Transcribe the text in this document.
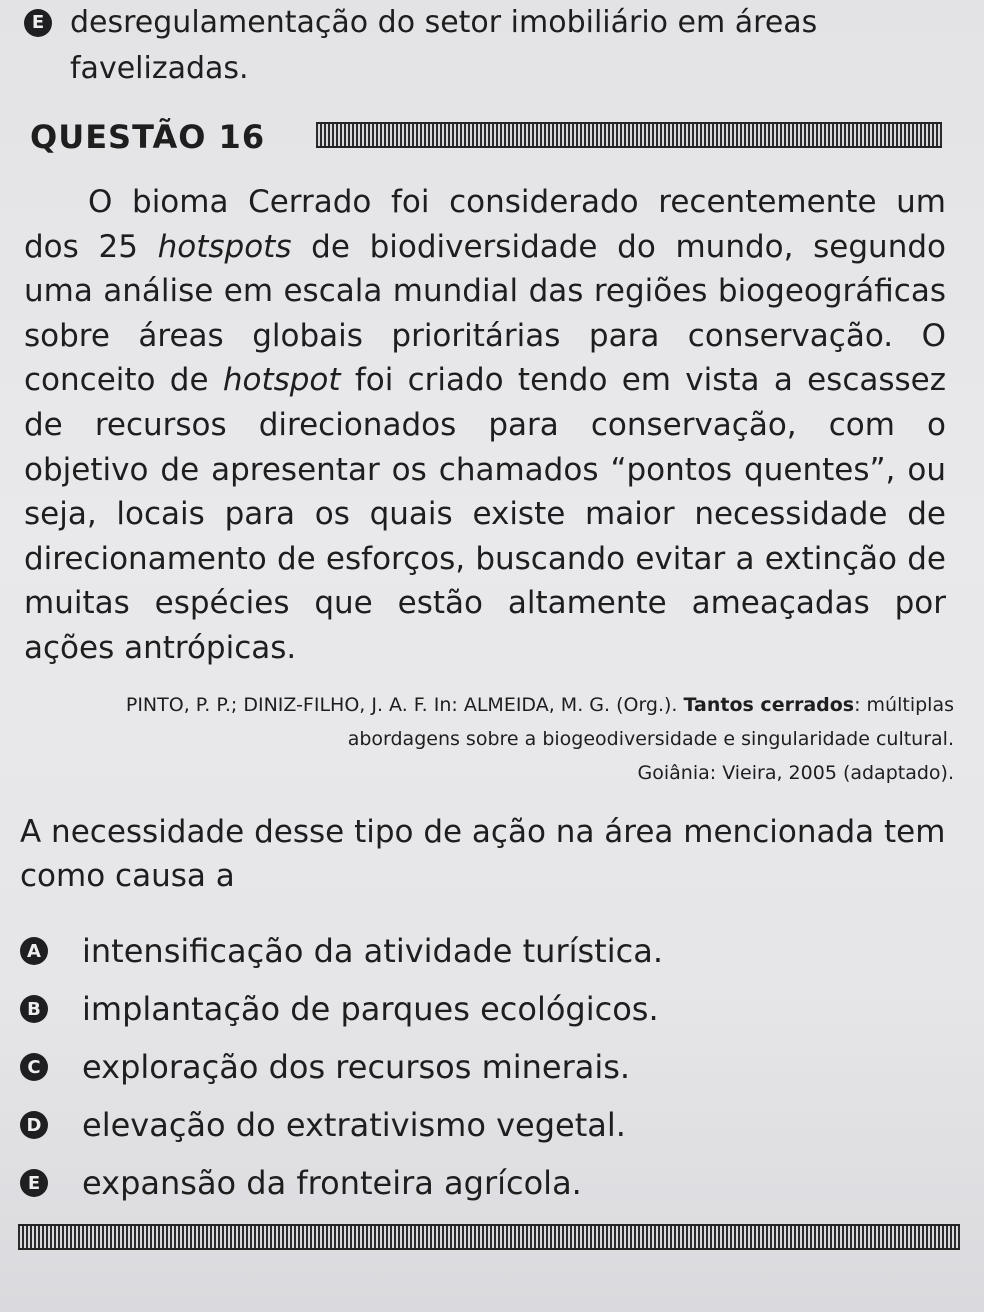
E desregulamentação do setor imobiliário em áreas favelizadas.
QUESTÃO 16

O bioma Cerrado foi considerado recentemente um dos 25 hotspots de biodiversidade do mundo, segundo uma análise em escala mundial das regiões biogeográficas sobre áreas globais prioritárias para conservação. O conceito de hotspot foi criado tendo em vista a escassez de recursos direcionados para conservação, com o objetivo de apresentar os chamados “pontos quentes”, ou seja, locais para os quais existe maior necessidade de direcionamento de esforços, buscando evitar a extinção de muitas espécies que estão altamente ameaçadas por ações antrópicas.

PINTO, P. P.; DINIZ-FILHO, J. A. F. In: ALMEIDA, M. G. (Org.). Tantos cerrados: múltiplas abordagens sobre a biogeodiversidade e singularidade cultural.
Goiânia: Vieira, 2005 (adaptado).
A necessidade desse tipo de ação na área mencionada tem como causa a
A intensificação da atividade turística.
B implantação de parques ecológicos.
C exploração dos recursos minerais.
D elevação do extrativismo vegetal.
E expansão da fronteira agrícola.
